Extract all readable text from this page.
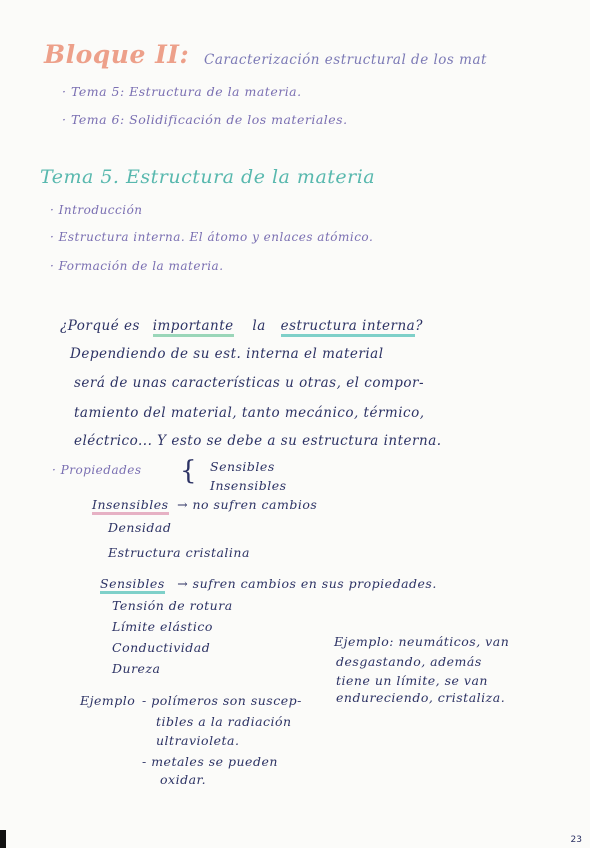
Bloque II: Caracterización estructural de los mat
· Tema 5: Estructura de la materia.
· Tema 6: Solidificación de los materiales.
Tema 5. Estructura de la materia
· Introducción
· Estructura interna. El átomo y enlaces atómico.
· Formación de la materia.
¿Porqué es importante la estructura interna?
Dependiendo de su est. interna el material
será de unas características u otras, el compor-
tamiento del material, tanto mecánico, térmico,
eléctrico... Y esto se debe a su estructura interna.
· Propiedades { Sensibles
Insensibles
Insensibles → no sufren cambios
Densidad
Estructura cristalina
Sensibles → sufren cambios en sus propiedades.
Tensión de rotura
Límite elástico
Conductividad
Dureza
Ejemplo: neumáticos, van
desgastando, además
tiene un límite, se van
endureciendo, cristaliza.
Ejemplo - polímeros son suscep-
tibles a la radiación
ultravioleta.
- metales se pueden
oxidar.
23
